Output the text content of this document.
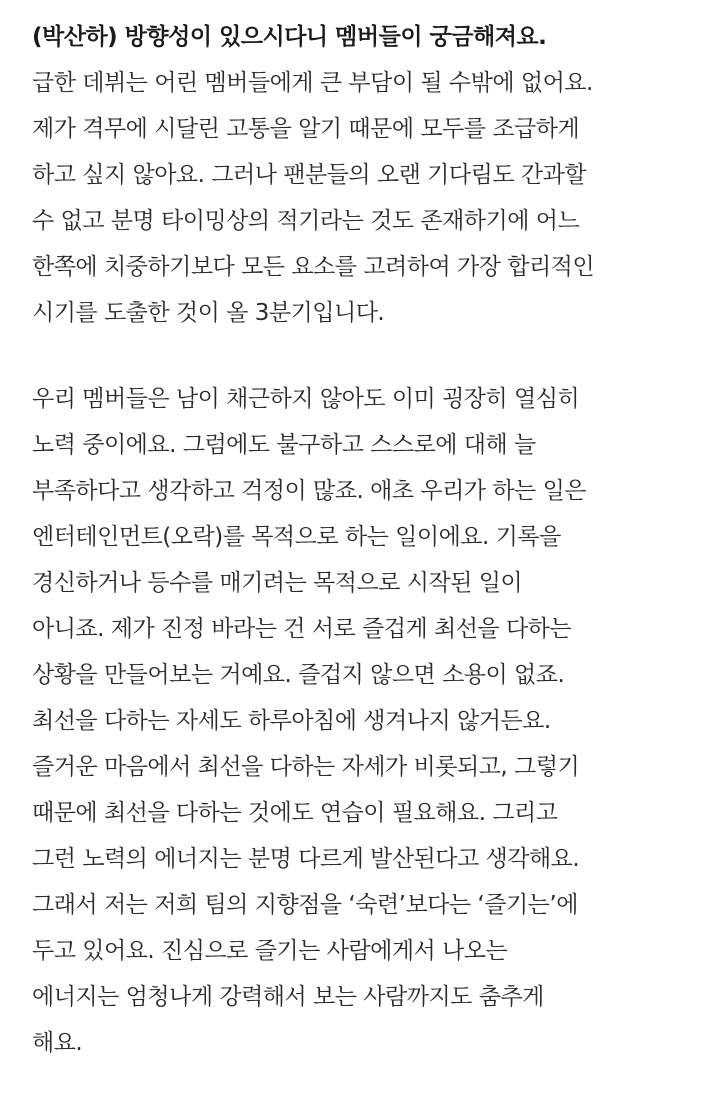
(박산하) 방향성이 있으시다니 멤버들이 궁금해져요.

급한 데뷔는 어린 멤버들에게 큰 부담이 될 수밖에 없어요.
제가 격무에 시달린 고통을 알기 때문에 모두를 조급하게
하고 싶지 않아요. 그러나 팬분들의 오랜 기다림도 간과할
수 없고 분명 타이밍상의 적기라는 것도 존재하기에 어느
한쪽에 치중하기보다 모든 요소를 고려하여 가장 합리적인
시기를 도출한 것이 올 3분기입니다.

우리 멤버들은 남이 채근하지 않아도 이미 굉장히 열심히
노력 중이에요. 그럼에도 불구하고 스스로에 대해 늘
부족하다고 생각하고 걱정이 많죠. 애초 우리가 하는 일은
엔터테인먼트(오락)를 목적으로 하는 일이에요. 기록을
경신하거나 등수를 매기려는 목적으로 시작된 일이
아니죠. 제가 진정 바라는 건 서로 즐겁게 최선을 다하는
상황을 만들어보는 거예요. 즐겁지 않으면 소용이 없죠.
최선을 다하는 자세도 하루아침에 생겨나지 않거든요.
즐거운 마음에서 최선을 다하는 자세가 비롯되고, 그렇기
때문에 최선을 다하는 것에도 연습이 필요해요. 그리고
그런 노력의 에너지는 분명 다르게 발산된다고 생각해요.
그래서 저는 저희 팀의 지향점을 ‘숙련’보다는 ‘즐기는’에
두고 있어요. 진심으로 즐기는 사람에게서 나오는
에너지는 엄청나게 강력해서 보는 사람까지도 춤추게
해요.
